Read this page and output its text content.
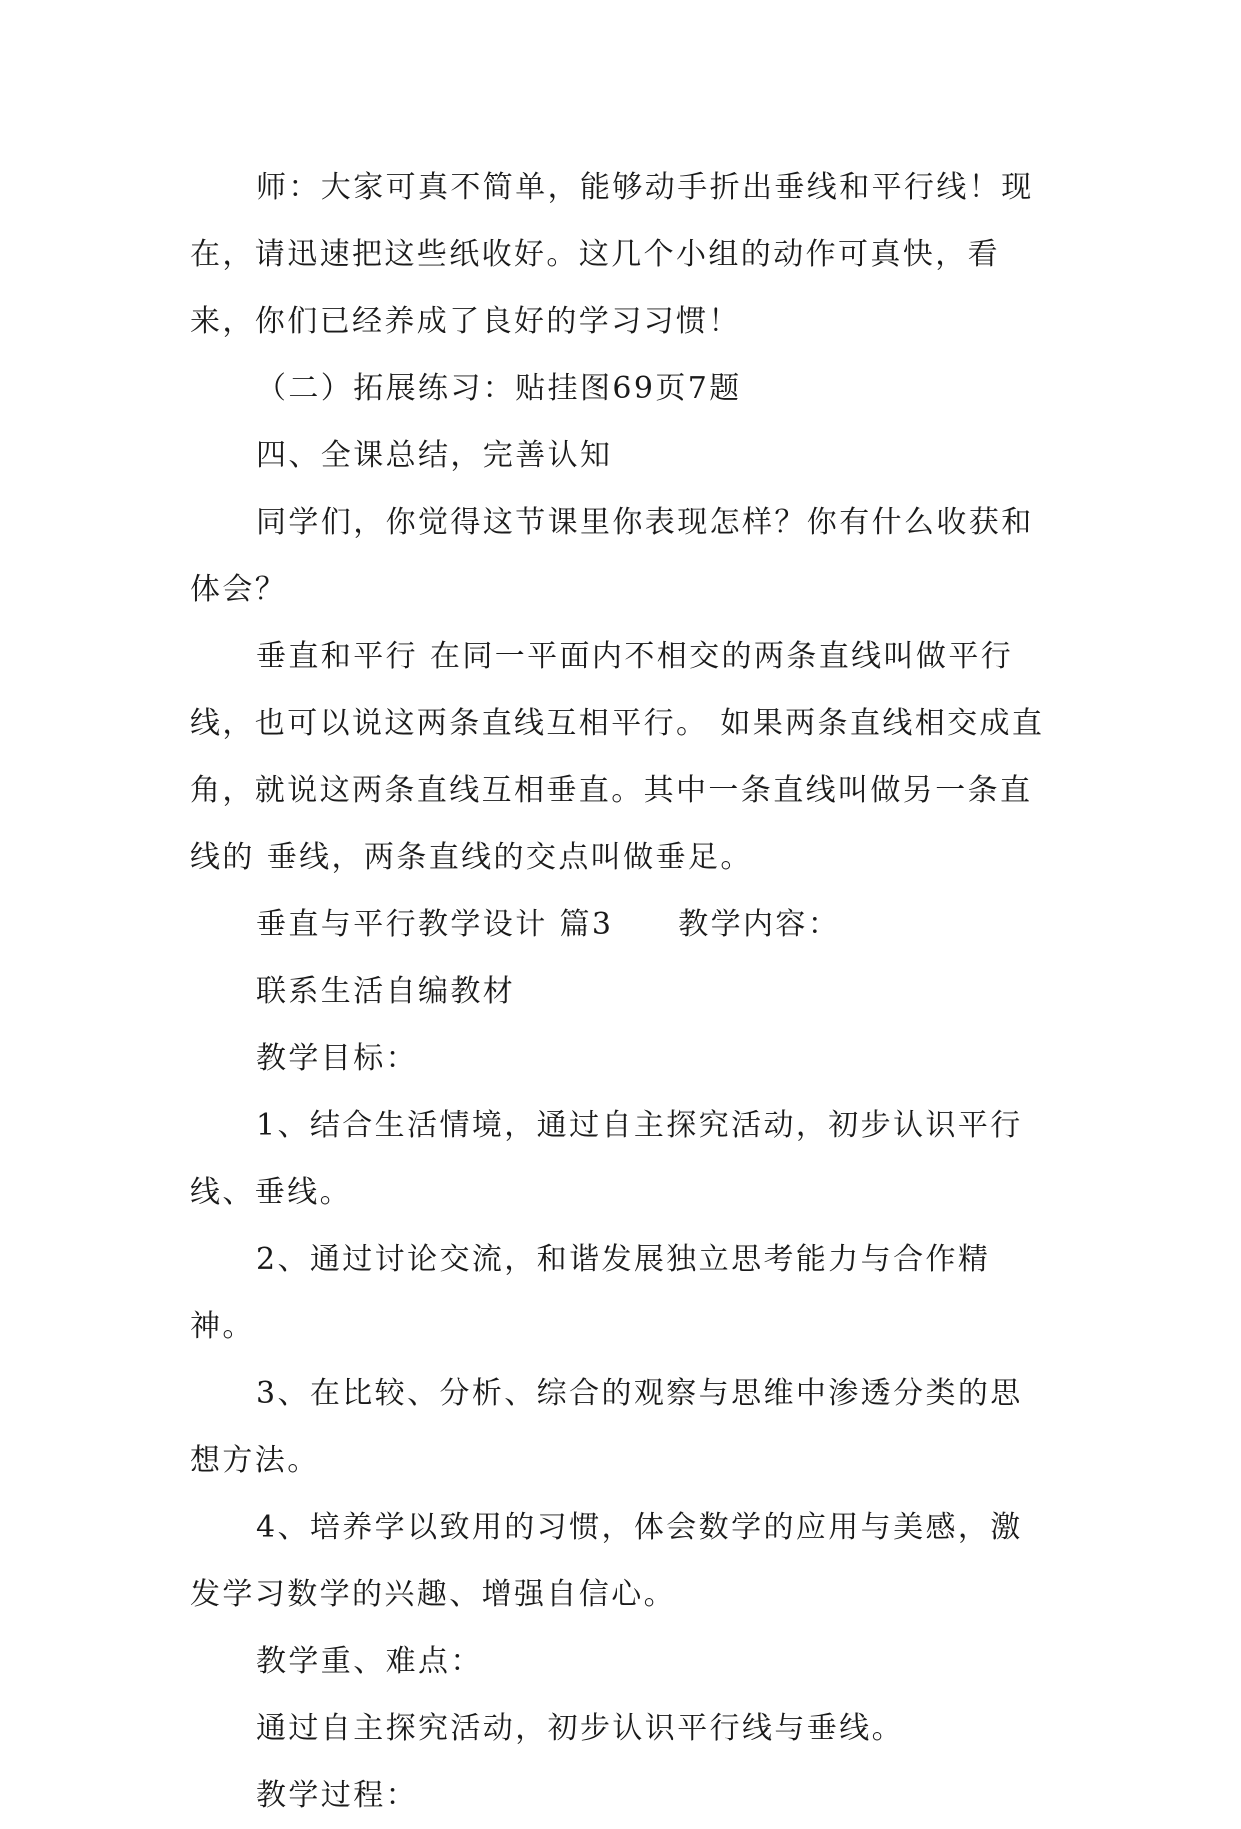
师：大家可真不简单，能够动手折出垂线和平行线！现在，请迅速把这些纸收好。这几个小组的动作可真快，看来，你们已经养成了良好的学习习惯！

（二）拓展练习：贴挂图69页7题

四、全课总结，完善认知

同学们，你觉得这节课里你表现怎样？你有什么收获和体会？

垂直和平行 在同一平面内不相交的两条直线叫做平行线，也可以说这两条直线互相平行。 如果两条直线相交成直角，就说这两条直线互相垂直。其中一条直线叫做另一条直线的 垂线，两条直线的交点叫做垂足。

垂直与平行教学设计 篇3　　教学内容：

联系生活自编教材

教学目标：

1、结合生活情境，通过自主探究活动，初步认识平行线、垂线。

2、通过讨论交流，和谐发展独立思考能力与合作精神。

3、在比较、分析、综合的观察与思维中渗透分类的思想方法。

4、培养学以致用的习惯，体会数学的应用与美感，激发学习数学的兴趣、增强自信心。

教学重、难点：

通过自主探究活动，初步认识平行线与垂线。

教学过程：
